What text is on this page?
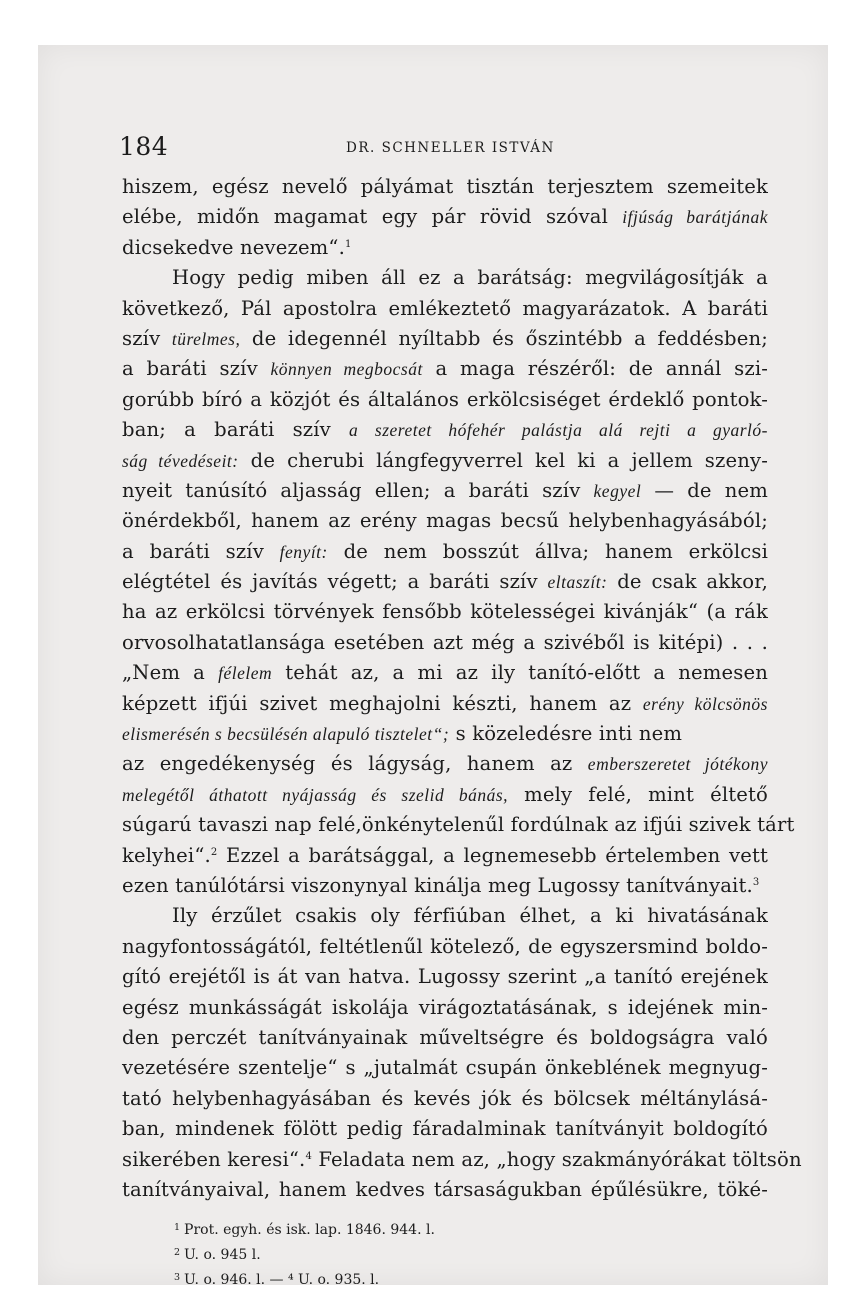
184	DR. SCHNELLER ISTVÁN
hiszem, egész nevelő pályámat tisztán terjesztem szemeitek
elébe, midőn magamat egy pár rövid szóval ifjúság barátjának
dicsekedve nevezem“.$^1$
Hogy pedig miben áll ez a barátság: megvilágosítják a
következő, Pál apostolra emlékeztető magyarázatok. A baráti
szív türelmes, de idegennél nyíltabb és őszintébb a feddésben;
a baráti szív könnyen megbocsát a maga részéről: de annál szi-
gorúbb bíró a közjót és általános erkölcsiséget érdeklő pontok-
ban; a baráti szív a szeretet hófehér palástja alá rejti a gyarló-
ság tévedéseit: de cherubi lángfegyverrel kel ki a jellem szeny-
nyeit tanúsító aljasság ellen; a baráti szív kegyel — de nem
önérdekből, hanem az erény magas becsű helybenhagyásából;
a baráti szív fenyít: de nem bosszút állva; hanem erkölcsi
elégtétel és javítás végett; a baráti szív eltaszít: de csak akkor,
ha az erkölcsi törvények fensőbb kötelességei kivánják“ (a rák
orvosolhatatlansága esetében azt még a szivéből is kitépi) . . .
„Nem a félelem tehát az, a mi az ily tanító-előtt a nemesen
képzett ifjúi szivet meghajolni készti, hanem az erény kölcsönös
elismerésén s becsülésén alapuló tisztelet“; s közeledésre inti nem
az engedékenység és lágyság, hanem az emberszeretet jótékony
melegétől áthatott nyájasság és szelid bánás, mely felé, mint éltető
súgarú tavaszi nap felé,önkénytelenűl fordúlnak az ifjúi szivek tárt
kelyhei“.$^2$ Ezzel a barátsággal, a legnemesebb értelemben vett
ezen tanúlótársi viszonynyal kinálja meg Lugossy tanítványait.$^3$
Ily érzűlet csakis oly férfiúban élhet, a ki hivatásának
nagyfontosságától, feltétlenűl kötelező, de egyszersmind boldo-
gító erejétől is át van hatva. Lugossy szerint „a tanító erejének
egész munkásságát iskolája virágoztatásának, s idejének min-
den perczét tanítványainak műveltségre és boldogságra való
vezetésére szentelje“ s „jutalmát csupán önkeblének megnyug-
tató helybenhagyásában és kevés jók és bölcsek méltánylásá-
ban, mindenek fölött pedig fáradalminak tanítványit boldogító
sikerében keresi“.$^4$ Feladata nem az, „hogy szakmányórákat töltsön
tanítványaival, hanem kedves társaságukban épűlésükre, töké-
$^1$ Prot. egyh. és isk. lap. 1846. 944. l.
$^2$ U. o. 945 l.
$^3$ U. o. 946. l. — ⁴ U. o. 935. l.
